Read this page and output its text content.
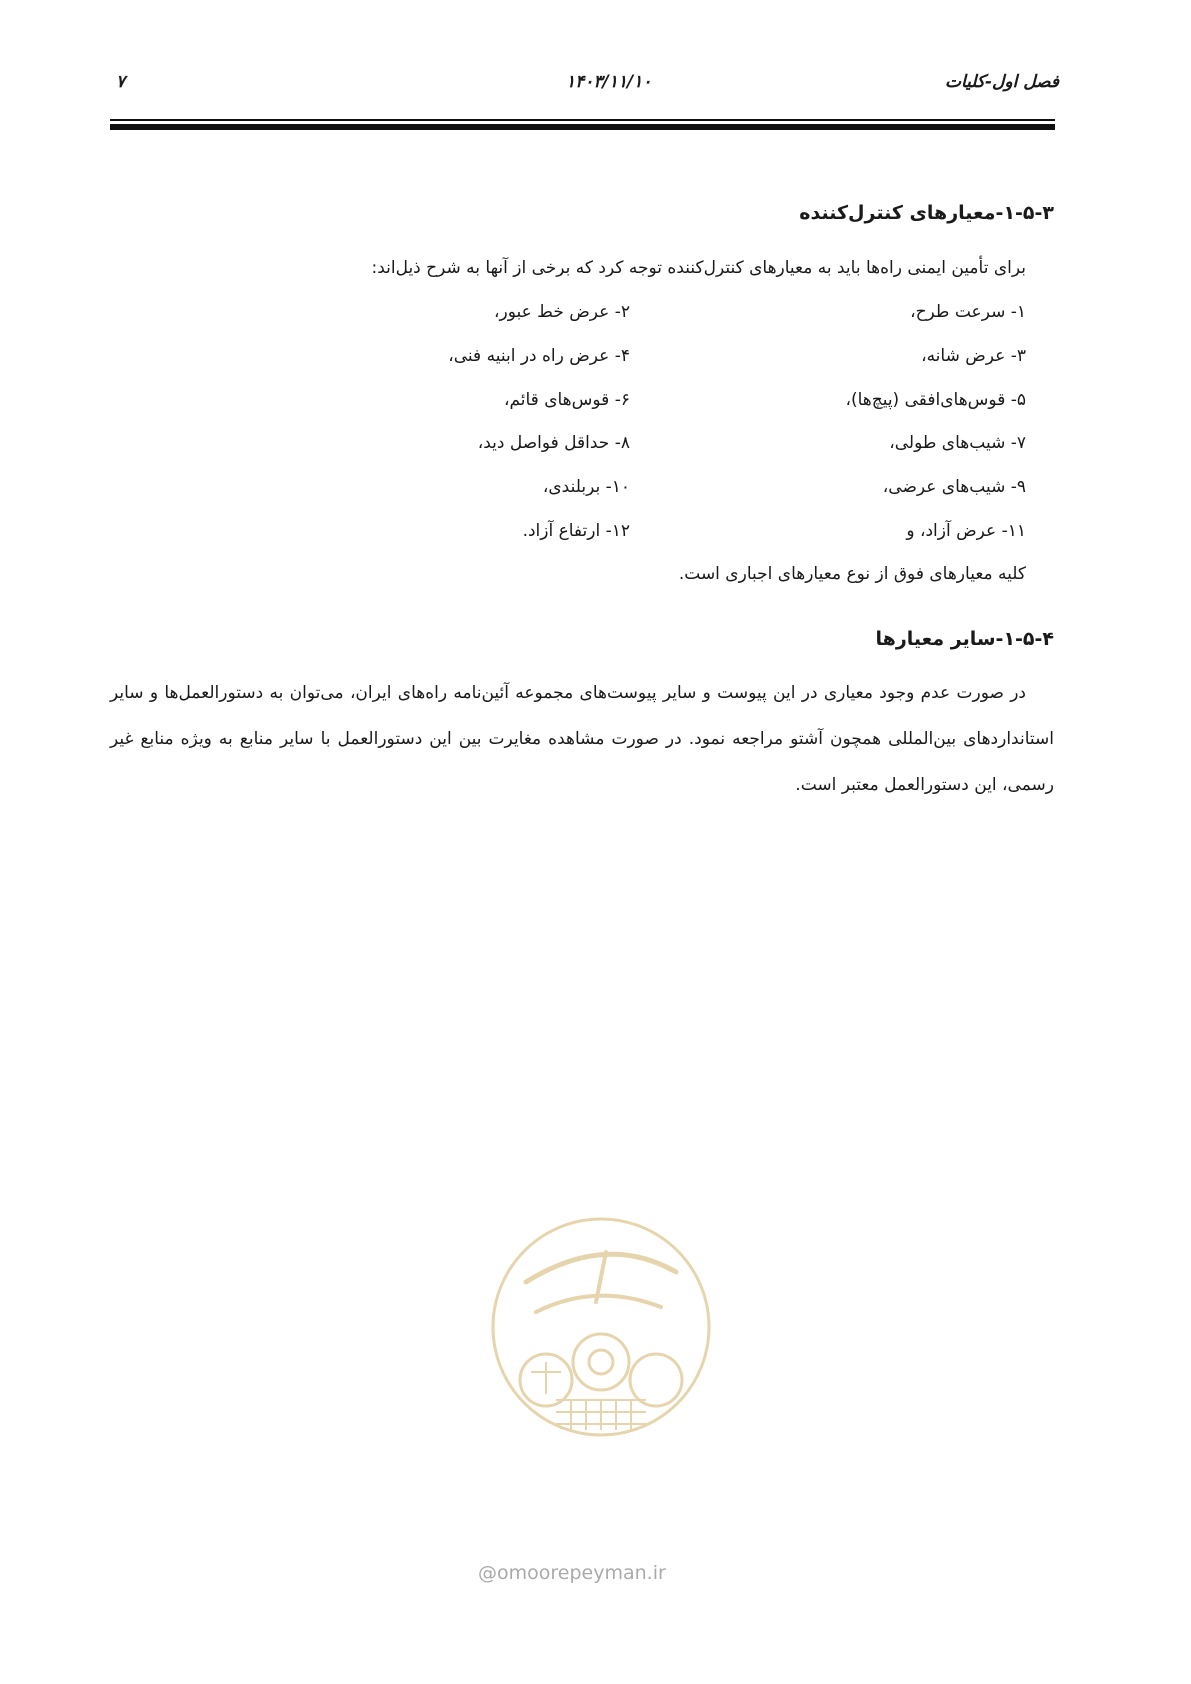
فصل اول-کلیات
۱۴۰۳/۱۱/۱۰
۷
۱-۵-۳-معیارهای کنترل‌کننده
برای تأمین ایمنی راه‌ها باید به معیارهای کنترل‌کننده توجه کرد که برخی از آنها به شرح ذیل‌اند:
۱- سرعت طرح،
۲- عرض خط عبور،
۳- عرض شانه،
۴- عرض راه در ابنیه فنی،
۵- قوس‌های‌افقی (پیچ‌ها)،
۶- قوس‌های قائم،
۷- شیب‌های طولی،
۸- حداقل فواصل دید،
۹- شیب‌های عرضی،
۱۰- بربلندی،
۱۱- عرض آزاد، و
۱۲- ارتفاع آزاد.
کلیه معیارهای فوق از نوع معیارهای اجباری است.
۱-۵-۴-سایر معیارها
در صورت عدم وجود معیاری در این پیوست و سایر پیوست‌های مجموعه آئین‌نامه راه‌های ایران، می‌توان به دستورالعمل‌ها و سایر استانداردهای بین‌المللی همچون آشتو مراجعه نمود. در صورت مشاهده مغایرت بین این دستورالعمل با سایر منابع به ویژه منابع غیر رسمی، این دستورالعمل معتبر است.
@omoorepeyman.ir
